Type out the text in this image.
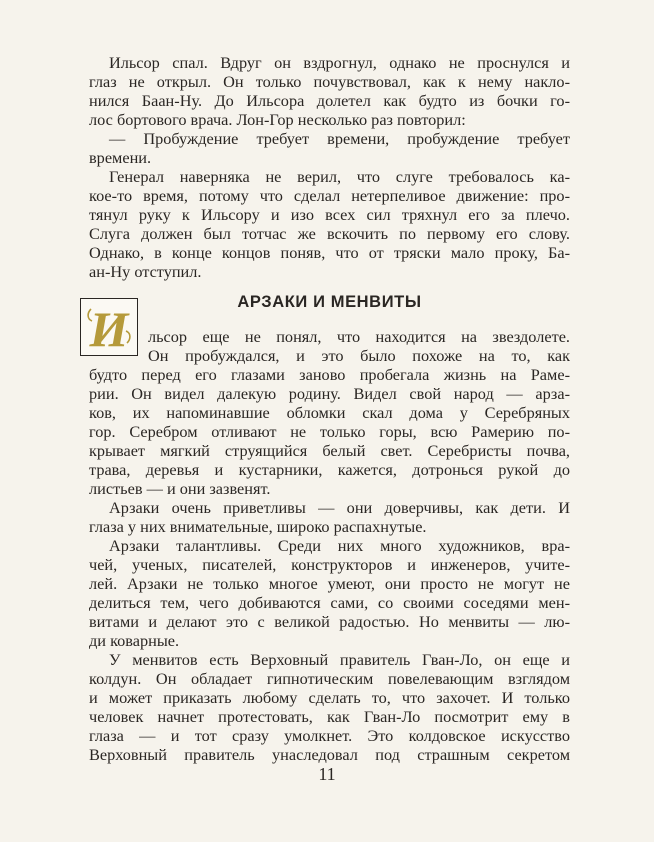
Ильсор спал. Вдруг он вздрогнул, однако не проснулся и
глаз не открыл. Он только почувствовал, как к нему накло-
нился Баан-Ну. До Ильсора долетел как будто из бочки го-
лос бортового врача. Лон-Гор несколько раз повторил:
— Пробуждение требует времени, пробуждение требует
времени.
Генерал наверняка не верил, что слуге требовалось ка-
кое-то время, потому что сделал нетерпеливое движение: про-
тянул руку к Ильсору и изо всех сил тряхнул его за плечо.
Слуга должен был тотчас же вскочить по первому его слову.
Однако, в конце концов поняв, что от тряски мало проку, Ба-
ан-Ну отступил.
АРЗАКИ И МЕНВИТЫ
И льсор еще не понял, что находится на звездолете.
Он пробуждался, и это было похоже на то, как
будто перед его глазами заново пробегала жизнь на Раме-
рии. Он видел далекую родину. Видел свой народ — арза-
ков, их напоминавшие обломки скал дома у Серебряных
гор. Серебром отливают не только горы, всю Рамерию по-
крывает мягкий струящийся белый свет. Серебристы почва,
трава, деревья и кустарники, кажется, дотронься рукой до
листьев — и они зазвенят.
Арзаки очень приветливы — они доверчивы, как дети. И
глаза у них внимательные, широко распахнутые.
Арзаки талантливы. Среди них много художников, вра-
чей, ученых, писателей, конструкторов и инженеров, учите-
лей. Арзаки не только многое умеют, они просто не могут не
делиться тем, чего добиваются сами, со своими соседями мен-
витами и делают это с великой радостью. Но менвиты — лю-
ди коварные.
У менвитов есть Верховный правитель Гван-Ло, он еще и
колдун. Он обладает гипнотическим повелевающим взглядом
и может приказать любому сделать то, что захочет. И только
человек начнет протестовать, как Гван-Ло посмотрит ему в
глаза — и тот сразу умолкнет. Это колдовское искусство
Верховный правитель унаследовал под страшным секретом
11
